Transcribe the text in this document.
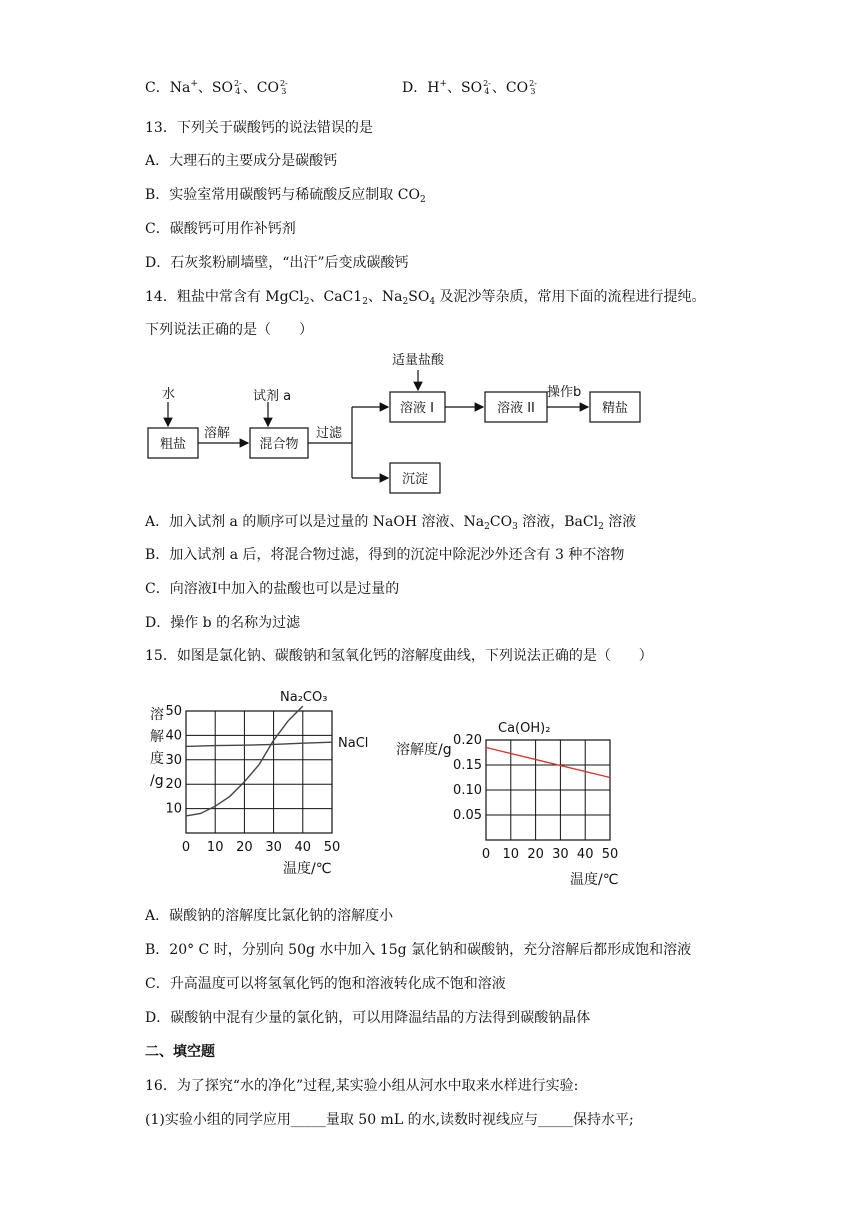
C．Na+、SO2-
4 、CO2-
3	D．H+、SO2-
4 、CO2-
3
13．下列关于碳酸钙的说法错误的是
A．大理石的主要成分是碳酸钙
B．实验室常用碳酸钙与稀硫酸反应制取 $CO_2$
C．碳酸钙可用作补钙剂
D．石灰浆粉刷墙壁，“出汗”后变成碳酸钙
14．粗盐中常含有 MgCl$_2$、$CaC1_2$、$Na_2SO_4$ 及泥沙等杂质，常用下面的流程进行提纯。
下列说法正确的是（　　）
水
粗盐
溶解
试剂 a
混合物
过滤
适量盐酸
溶液 I	溶液 II
操作b
精盐
沉淀
A．加入试剂 a 的顺序可以是过量的 NaOH 溶液、$Na_2CO_3$ 溶液，BaCl$_2$ 溶液
B．加入试剂 a 后，将混合物过滤，得到的沉淀中除泥沙外还含有 3 种不溶物
C．向溶液I中加入的盐酸也可以是过量的
D．操作 b 的名称为过滤
15．如图是氯化钠、碳酸钠和氢氧化钙的溶解度曲线，下列说法正确的是（　　）
0 10 20 30 40 50
10
20
30
40
50
Na₂CO₃
NaCl
溶
解
度
/g
温度/℃
0 10 20 30 40 50
0.05
0.10
0.15
0.20
Ca(OH)₂
溶解度/g
温度/℃
A．碳酸钠的溶解度比氯化钠的溶解度小
B．20° C 时，分别向 50g 水中加入 15g 氯化钠和碳酸钠，充分溶解后都形成饱和溶液
C．升高温度可以将氢氧化钙的饱和溶液转化成不饱和溶液
D．碳酸钠中混有少量的氯化钠，可以用降温结晶的方法得到碳酸钠晶体
二、填空题
16．为了探究“水的净化”过程,某实验小组从河水中取来水样进行实验:
(1)实验小组的同学应用_____量取 50 mL 的水,读数时视线应与_____保持水平;
